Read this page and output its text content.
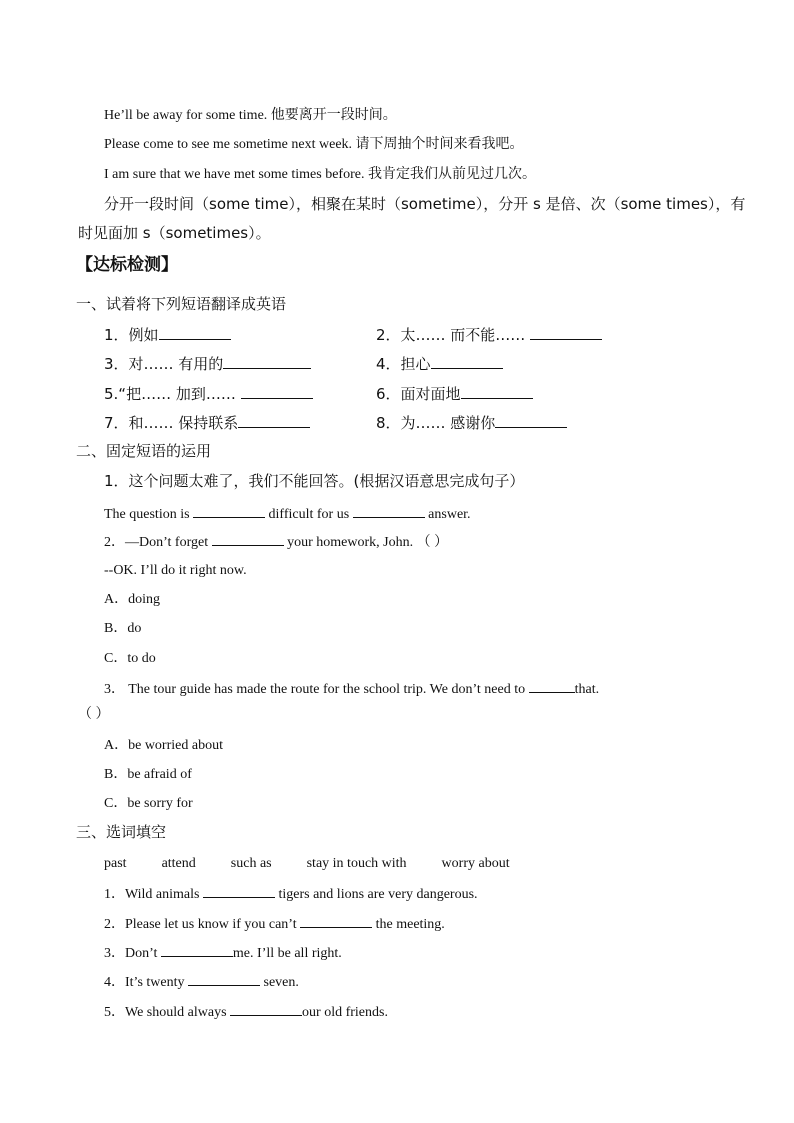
He’ll be away for some time. 他要离开一段时间。
Please come to see me sometime next week. 请下周抽个时间来看我吧。
I am sure that we have met some times before. 我肯定我们从前见过几次。
分开一段时间（some time），相聚在某时（sometime），分开 s 是倍、次（some times），有
时见面加 s（sometimes）。
【达标检测】
一、试着将下列短语翻译成英语
1．例如	2．太…… 而不能……
3．对…… 有用的	4．担心
5.“把…… 加到……	6．面对面地
7．和…… 保持联系	8．为…… 感谢你
二、固定短语的运用
1．这个问题太难了，我们不能回答。(根据汉语意思完成句子）
The question is	difficult for us	answer.
2．—Don’t forget	your homework, John. （ ）
--OK. I’ll do it right now.
A．doing
B．do
C．to do
3． The tour guide has made the route for the school trip. We don’t need to	that.
（ ）
A．be worried about
B．be afraid of
C．be sorry for
三、选词填空
past	attend	such as	stay in touch with	worry about
1．Wild animals	tigers and lions are very dangerous.
2．Please let us know if you can’t	the meeting.
3．Don’t	me. I’ll be all right.
4．It’s twenty	seven.
5．We should always	our old friends.
